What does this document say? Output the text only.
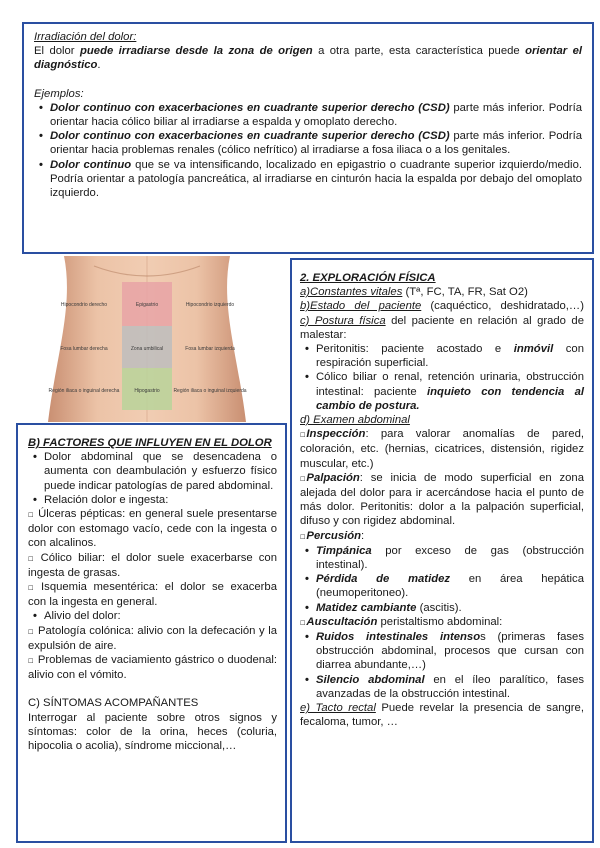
Irradiación del dolor:

El dolor puede irradiarse desde la zona de origen a otra parte, esta característica puede orientar el diagnóstico.

Ejemplos:

• Dolor continuo con exacerbaciones en cuadrante superior derecho (CSD) parte más inferior. Podría orientar hacia cólico biliar al irradiarse a espalda y omoplato derecho.
• Dolor continuo con exacerbaciones en cuadrante superior derecho (CSD) parte más inferior. Podría orientar hacia problemas renales (cólico nefrítico) al irradiarse a fosa iliaca o a los genitales.
• Dolor continuo que se va intensificando, localizado en epigastrio o cuadrante superior izquierdo/medio. Podría orientar a patología pancreática, al irradiarse en cinturón hacia la espalda por debajo del omoplato izquierdo.
Hipocondrio derecho	Epigastrio	Hipocondrio izquierdo
Fosa lumbar derecha	Zona umbilical	Fosa lumbar izquierda
Región iliaca o inguinal derecha	Hipogastrio	Región iliaca o inguinal izquierda

B) FACTORES QUE INFLUYEN EN EL DOLOR

• Dolor abdominal que se desencadena o aumenta con deambulación y esfuerzo físico puede indicar patologías de pared abdominal.
• Relación dolor e ingesta:

☐ Úlceras pépticas: en general suele presentarse dolor con estomago vacío, cede con la ingesta o con alcalinos.

☐ Cólico biliar: el dolor suele exacerbarse con ingesta de grasas.

☐ Isquemia mesentérica: el dolor se exacerba con la ingesta en general.

• Alivio del dolor:

☐ Patología colónica: alivio con la defecación y la expulsión de aire.

☐ Problemas de vaciamiento gástrico o duodenal: alivio con el vómito.

C) SÍNTOMAS ACOMPAÑANTES

Interrogar al paciente sobre otros signos y síntomas: color de la orina, heces (coluria, hipocolia o acolia), síndrome miccional,…

2. EXPLORACIÓN FÍSICA

a)Constantes vitales (Tª, FC, TA, FR, Sat O2)

b)Estado del paciente (caquéctico, deshidratado,…)

c) Postura física del paciente en relación al grado de malestar:

• Peritonitis: paciente acostado e inmóvil con respiración superficial.
• Cólico biliar o renal, retención urinaria, obstrucción intestinal: paciente inquieto con tendencia al cambio de postura.

d) Examen abdominal

☐Inspección: para valorar anomalías de pared, coloración, etc. (hernias, cicatrices, distensión, rigidez muscular, etc.)

☐Palpación: se inicia de modo superficial en zona alejada del dolor para ir acercándose hacia el punto de más dolor. Peritonitis: dolor a la palpación superficial, difuso y con rigidez abdominal.

☐Percusión:

• Timpánica por exceso de gas (obstrucción intestinal).
• Pérdida de matidez en área hepática (neumoperitoneo).
• Matidez cambiante (ascitis).

☐Auscultación peristaltismo abdominal:

• Ruidos intestinales intensos (primeras fases obstrucción abdominal, procesos que cursan con diarrea abundante,…)
• Silencio abdominal en el íleo paralítico, fases avanzadas de la obstrucción intestinal.

e) Tacto rectal Puede revelar la presencia de sangre, fecaloma, tumor, …
